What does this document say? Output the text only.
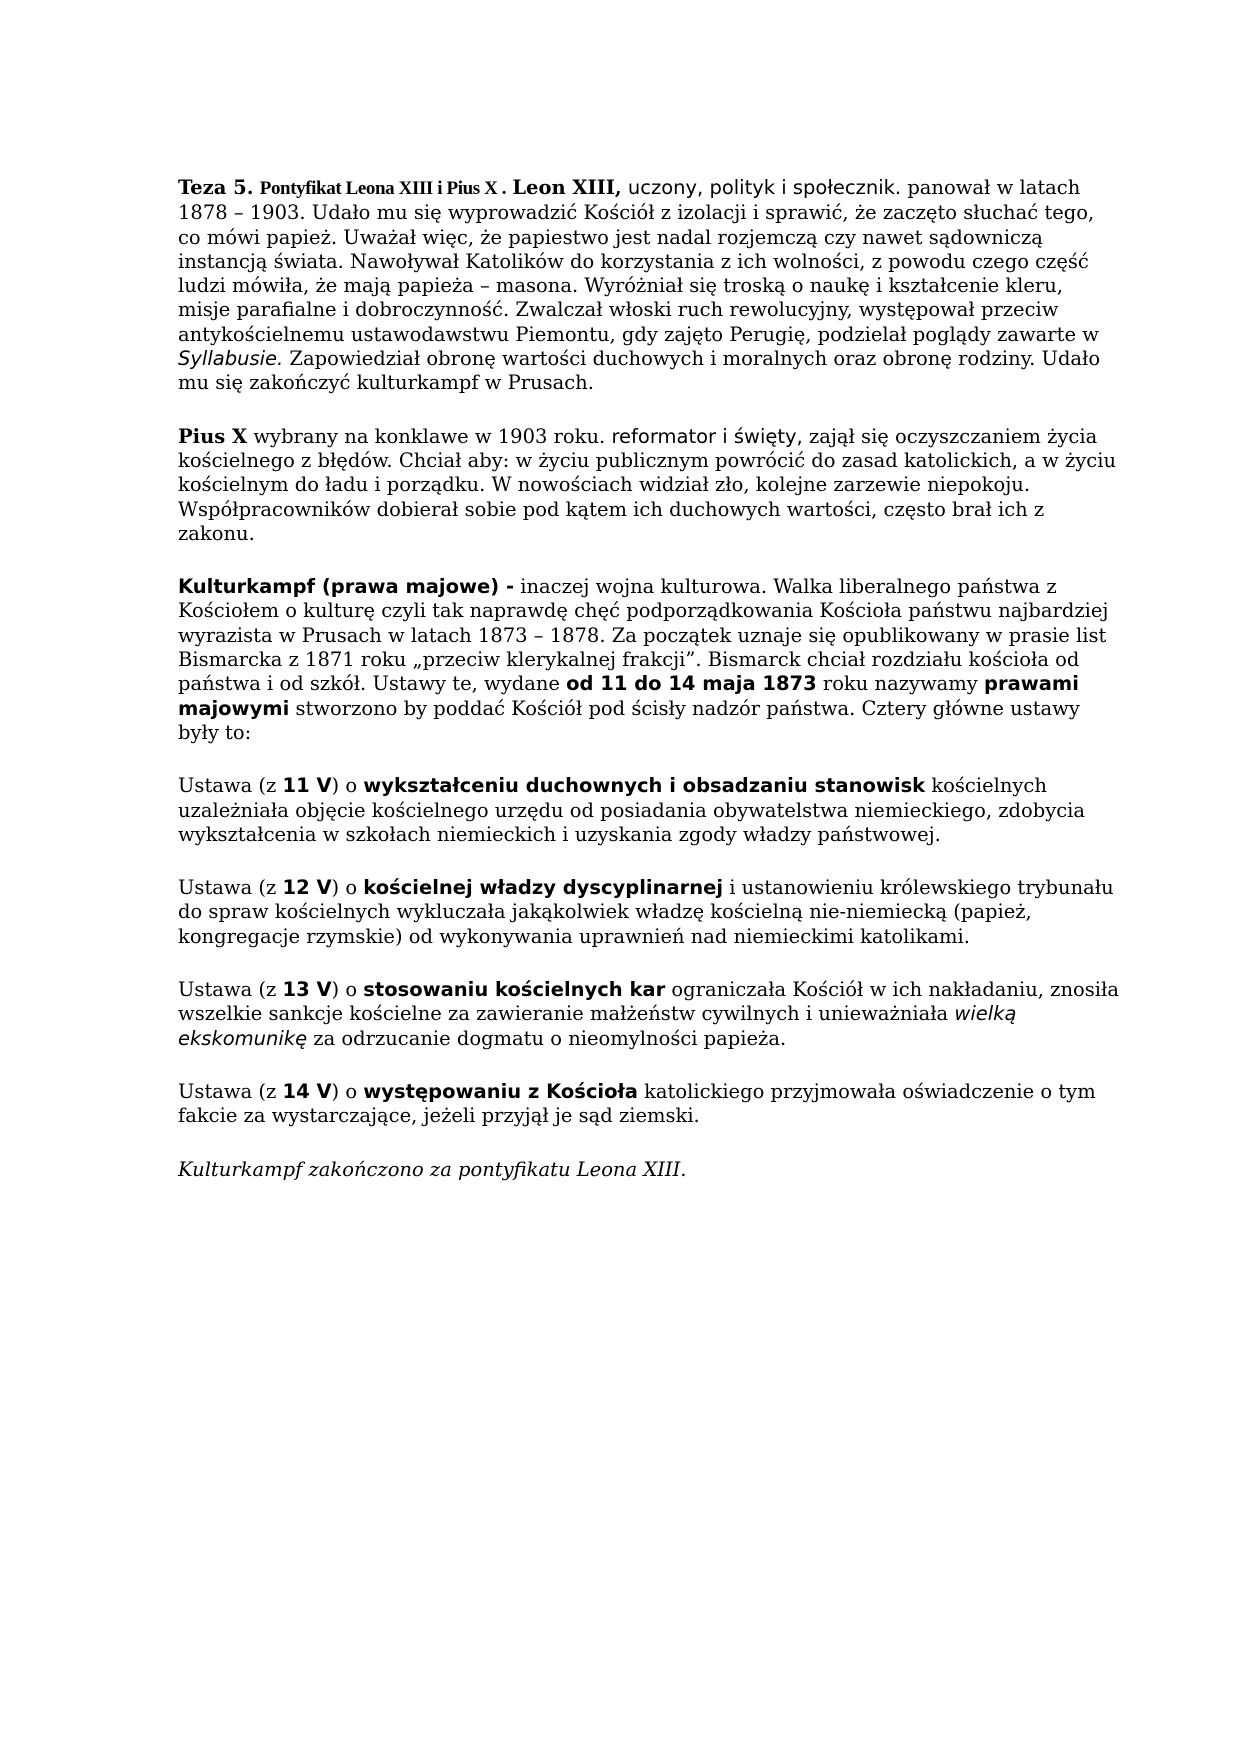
Teza 5. Pontyfikat Leona XIII i Pius X . Leon XIII, uczony, polityk i społecznik. panował w latach 1878 – 1903. Udało mu się wyprowadzić Kościół z izolacji i sprawić, że zaczęto słuchać tego, co mówi papież. Uważał więc, że papiestwo jest nadal rozjemczą czy nawet sądowniczą instancją świata. Nawoływał Katolików do korzystania z ich wolności, z powodu czego część ludzi mówiła, że mają papieża – masona. Wyróżniał się troską o naukę i kształcenie kleru, misje parafialne i dobroczynność. Zwalczał włoski ruch rewolucyjny, występował przeciw antykościelnemu ustawodawstwu Piemontu, gdy zajęto Perugię, podzielał poglądy zawarte w Syllabusie. Zapowiedział obronę wartości duchowych i moralnych oraz obronę rodziny. Udało mu się zakończyć kulturkampf w Prusach.

Pius X wybrany na konklawe w 1903 roku. reformator i święty, zajął się oczyszczaniem życia kościelnego z błędów. Chciał aby: w życiu publicznym powrócić do zasad katolickich, a w życiu kościelnym do ładu i porządku. W nowościach widział zło, kolejne zarzewie niepokoju. Współpracowników dobierał sobie pod kątem ich duchowych wartości, często brał ich z zakonu.

Kulturkampf (prawa majowe) - inaczej wojna kulturowa. Walka liberalnego państwa z Kościołem o kulturę czyli tak naprawdę chęć podporządkowania Kościoła państwu najbardziej wyrazista w Prusach w latach 1873 – 1878. Za początek uznaje się opublikowany w prasie list Bismarcka z 1871 roku „przeciw klerykalnej frakcji”. Bismarck chciał rozdziału kościoła od państwa i od szkół. Ustawy te, wydane od 11 do 14 maja 1873 roku nazywamy prawami majowymi stworzono by poddać Kościół pod ścisły nadzór państwa. Cztery główne ustawy były to:

Ustawa (z 11 V) o wykształceniu duchownych i obsadzaniu stanowisk kościelnych uzależniała objęcie kościelnego urzędu od posiadania obywatelstwa niemieckiego, zdobycia wykształcenia w szkołach niemieckich i uzyskania zgody władzy państwowej.

Ustawa (z 12 V) o kościelnej władzy dyscyplinarnej i ustanowieniu królewskiego trybunału do spraw kościelnych wykluczała jakąkolwiek władzę kościelną nie-niemiecką (papież, kongregacje rzymskie) od wykonywania uprawnień nad niemieckimi katolikami.

Ustawa (z 13 V) o stosowaniu kościelnych kar ograniczała Kościół w ich nakładaniu, znosiła wszelkie sankcje kościelne za zawieranie małżeństw cywilnych i unieważniała wielką ekskomunikę za odrzucanie dogmatu o nieomylności papieża.

Ustawa (z 14 V) o występowaniu z Kościoła katolickiego przyjmowała oświadczenie o tym fakcie za wystarczające, jeżeli przyjął je sąd ziemski.

Kulturkampf zakończono za pontyfikatu Leona XIII.
